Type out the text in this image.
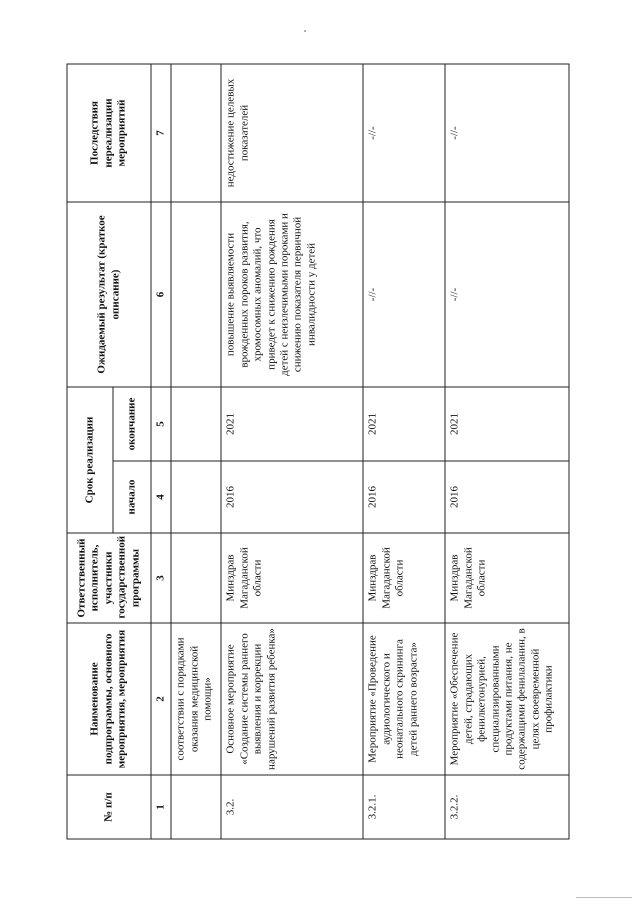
№ п/п	Наименование подпрограммы, основного мероприятия, мероприятия	Ответственный исполнитель, участники государственной программы	Срок реализации		Ожидаемый результат (краткое описание)	Последствия нереализации мероприятий
			начало	окончание		
1	2	3	4	5	6	7
	соответствии с порядками оказания медицинской помощи»					
3.2.	Основное мероприятие «Создание системы раннего выявления и коррекции нарушений развития ребенка»	Минздрав Магаданской области	2016	2021	повышение выявляемости врожденных пороков развития, хромосомных аномалий, что приведет к снижению рождения детей с неизлечимыми пороками и снижению показателя первичной инвалидности у детей	недостижение целевых показателей
3.2.1.	Мероприятие «Проведение аудиологического и неонатального скрининга детей раннего возраста»	Минздрав Магаданской области	2016	2021	-//-	-//-
3.2.2.	Мероприятие «Обеспечение детей, страдающих фенилкетонурией, специализированными продуктами питания, не содержащими фенилаланин, в целях своевременной профилактики	Минздрав Магаданской области	2016	2021	-//-	-//-
